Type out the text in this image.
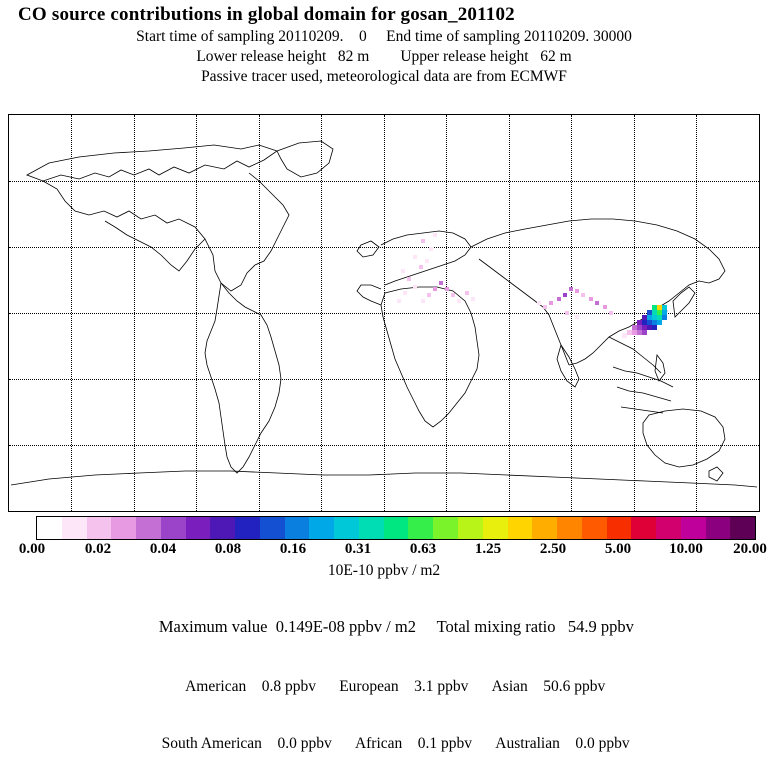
CO source contributions in global domain for gosan_201102
Start time of sampling 20110209.    0     End time of sampling 20110209. 30000
Lower release height   82 m        Upper release height   62 m
Passive tracer used, meteorological data are from ECMWF
0.00	0.02	0.04	0.08	0.16	0.31	0.63	1.25	2.50	5.00	10.00 20.00
10E-10 ppbv / m2

Maximum value 0.149E-08 ppbv / m2 Total mixing ratio 54.9 ppbv

American 0.8 ppbv European 3.1 ppbv Asian 50.6 ppbv

South American 0.0 ppbv African 0.1 ppbv Australian 0.0 ppbv
